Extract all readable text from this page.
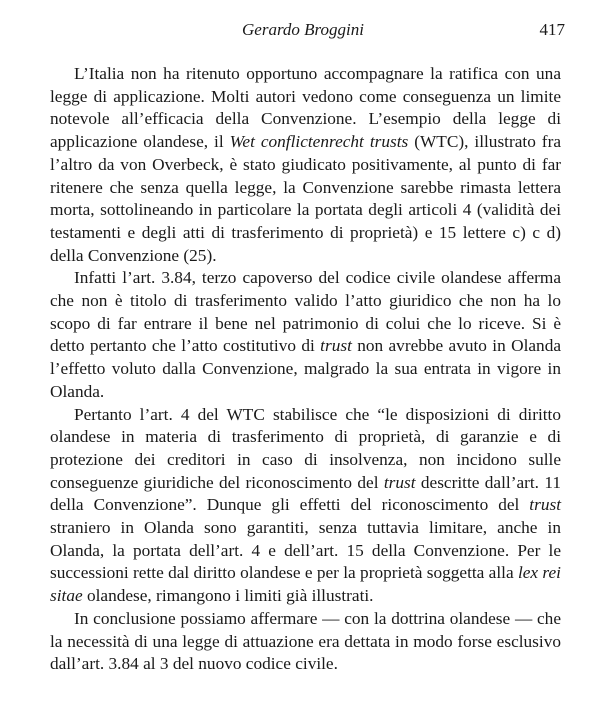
Gerardo Broggini	417

L’Italia non ha ritenuto opportuno accompagnare la ratifica con una legge di applicazione. Molti autori vedono come conseguenza un limite notevole all’efficacia della Convenzione. L’esempio della legge di applicazione olandese, il Wet conflictenrecht trusts (WTC), illustrato fra l’altro da von Overbeck, è stato giudicato positivamente, al punto di far ritenere che senza quella legge, la Convenzione sarebbe rimasta lettera morta, sottolineando in particolare la portata degli articoli 4 (validità dei testamenti e degli atti di trasferimento di proprietà) e 15 lettere c) c d) della Convenzione (25).

Infatti l’art. 3.84, terzo capoverso del codice civile olandese afferma che non è titolo di trasferimento valido l’atto giuridico che non ha lo scopo di far entrare il bene nel patrimonio di colui che lo riceve. Si è detto pertanto che l’atto costitutivo di trust non avrebbe avuto in Olanda l’effetto voluto dalla Convenzione, malgrado la sua entrata in vigore in Olanda.

Pertanto l’art. 4 del WTC stabilisce che “le disposizioni di diritto olandese in materia di trasferimento di proprietà, di garanzie e di protezione dei creditori in caso di insolvenza, non incidono sulle conseguenze giuridiche del riconoscimento del trust descritte dall’art. 11 della Convenzione”. Dunque gli effetti del riconoscimento del trust straniero in Olanda sono garantiti, senza tuttavia limitare, anche in Olanda, la portata dell’art. 4 e dell’art. 15 della Convenzione. Per le successioni rette dal diritto olandese e per la proprietà soggetta alla lex rei sitae olandese, rimangono i limiti già illustrati.

In conclusione possiamo affermare — con la dottrina olandese — che la necessità di una legge di attuazione era dettata in modo forse esclusivo dall’art. 3.84 al 3 del nuovo codice civile.
